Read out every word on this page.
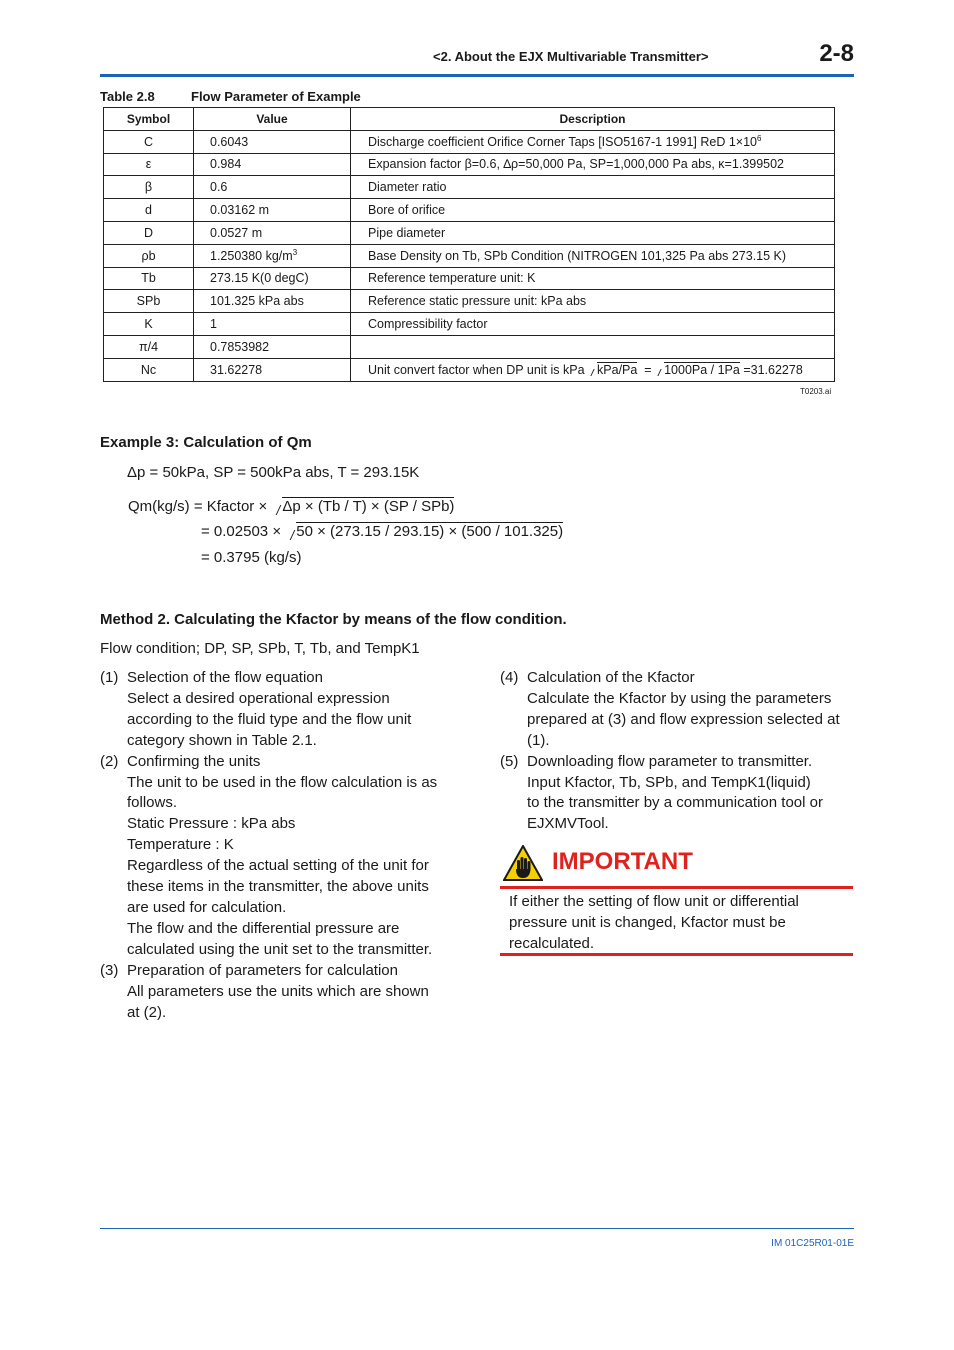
<2. About the EJX Multivariable Transmitter>	2-8
Table 2.8	Flow Parameter of Example
Symbol	Value	Description
C	0.6043	Discharge coefficient Orifice Corner Taps [ISO5167-1 1991] ReD $1\times 10^6$
ε	0.984	Expansion factor β=0.6, ∆ρ=50,000 Pa, SP=1,000,000 Pa abs, κ=1.399502
β	0.6	Diameter ratio
d	0.03162 m	Bore of orifice
D	0.0527 m	Pipe diameter
ρb	1.250380 $kg/m^3$	Base Density on Tb, SPb Condition (NITROGEN 101,325 Pa abs 273.15 K)
Tb	273.15 K(0 degC)	Reference temperature unit: K
SPb	101.325 kPa abs	Reference static pressure unit: kPa abs
K	1	Compressibility factor
π/4	0.7853982	
Nc	31.62278	Unit convert factor when DP unit is kPa kPa/Pa = 1000Pa / 1Pa =31.62278
T0203.ai
Example 3: Calculation of Qm
Δp = 50kPa, SP = 500kPa abs, T = 293.15K
Qm(kg/s) = Kfactor × Δp × (Tb / T) × (SP / SPb)
= 0.02503 × 50 × (273.15 / 293.15) × (500 / 101.325)
= 0.3795 (kg/s)
Method 2. Calculating the Kfactor by means of the flow condition.
Flow condition; DP, SP, SPb, T, Tb, and TempK1
(1) Selection of the flow equation
Select a desired operational expression
according to the fluid type and the flow unit
category shown in Table 2.1.
(2) Confirming the units
The unit to be used in the flow calculation is as
follows.
Static Pressure : kPa abs
Temperature : K
Regardless of the actual setting of the unit for
these items in the transmitter, the above units
are used for calculation.
The flow and the differential pressure are
calculated using the unit set to the transmitter.
(3) Preparation of parameters for calculation
All parameters use the units which are shown
at (2).
(4) Calculation of the Kfactor
Calculate the Kfactor by using the parameters
prepared at (3) and flow expression selected at
(1).
(5) Downloading flow parameter to transmitter.
Input Kfactor, Tb, SPb, and TempK1(liquid)
to the transmitter by a communication tool or
EJXMVTool.
IMPORTANT
If either the setting of flow unit or differential pressure unit is changed, Kfactor must be recalculated.
IM 01C25R01-01E
